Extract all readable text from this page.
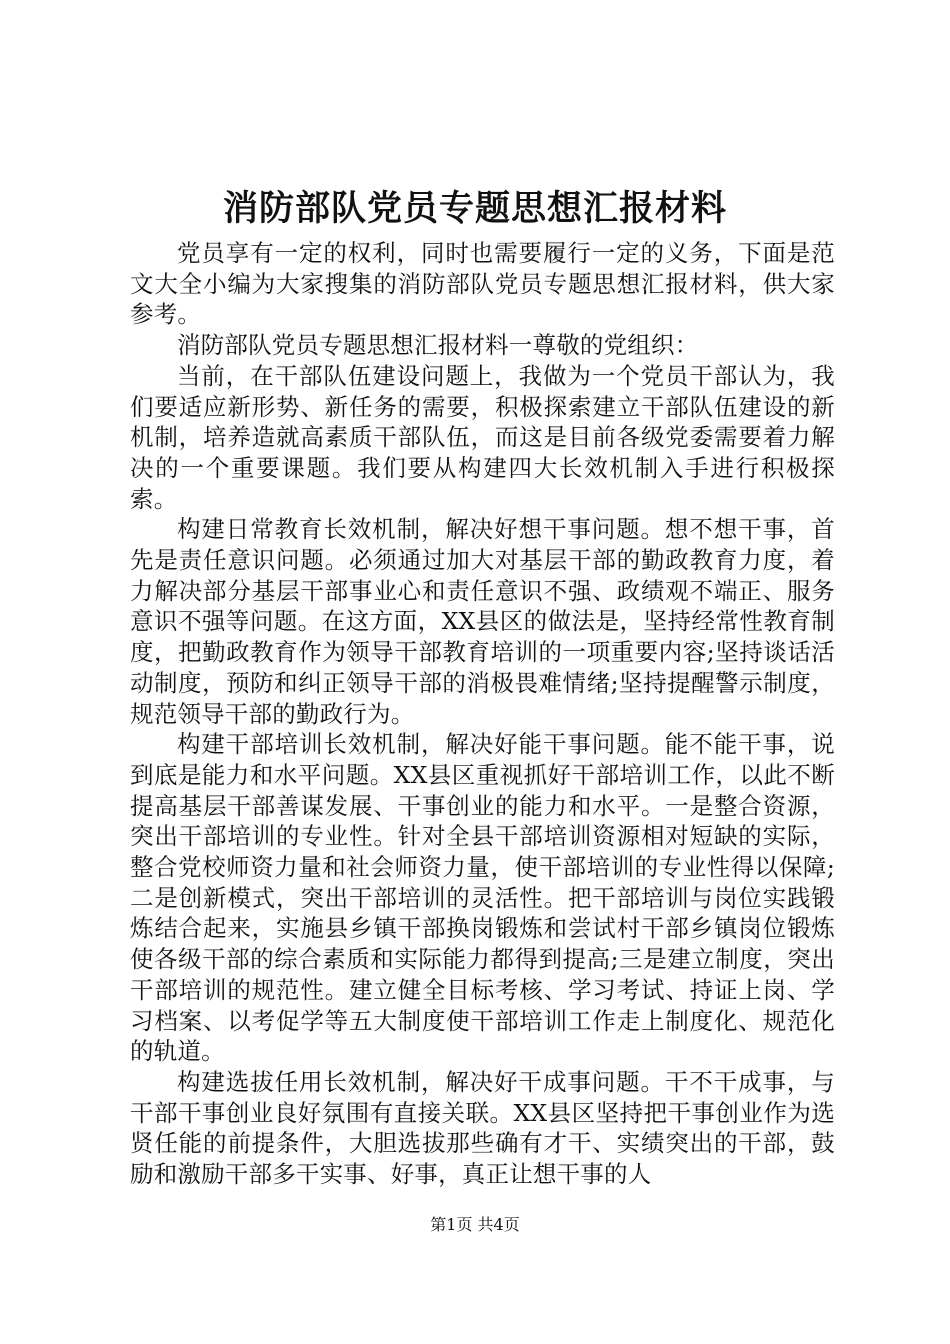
消防部队党员专题思想汇报材料

党员享有一定的权利，同时也需要履行一定的义务，下面是范文大全小编为大家搜集的消防部队党员专题思想汇报材料，供大家参考。

消防部队党员专题思想汇报材料一尊敬的党组织：

当前，在干部队伍建设问题上，我做为一个党员干部认为，我们要适应新形势、新任务的需要，积极探索建立干部队伍建设的新机制，培养造就高素质干部队伍，而这是目前各级党委需要着力解决的一个重要课题。我们要从构建四大长效机制入手进行积极探索。

构建日常教育长效机制，解决好想干事问题。想不想干事，首先是责任意识问题。必须通过加大对基层干部的勤政教育力度，着力解决部分基层干部事业心和责任意识不强、政绩观不端正、服务意识不强等问题。在这方面，XX县区的做法是，坚持经常性教育制度，把勤政教育作为领导干部教育培训的一项重要内容;坚持谈话活动制度，预防和纠正领导干部的消极畏难情绪;坚持提醒警示制度，规范领导干部的勤政行为。

构建干部培训长效机制，解决好能干事问题。能不能干事，说到底是能力和水平问题。XX县区重视抓好干部培训工作，以此不断提高基层干部善谋发展、干事创业的能力和水平。一是整合资源，突出干部培训的专业性。针对全县干部培训资源相对短缺的实际，整合党校师资力量和社会师资力量，使干部培训的专业性得以保障;二是创新模式，突出干部培训的灵活性。把干部培训与岗位实践锻炼结合起来，实施县乡镇干部换岗锻炼和尝试村干部乡镇岗位锻炼使各级干部的综合素质和实际能力都得到提高;三是建立制度，突出干部培训的规范性。建立健全目标考核、学习考试、持证上岗、学习档案、以考促学等五大制度使干部培训工作走上制度化、规范化的轨道。

构建选拔任用长效机制，解决好干成事问题。干不干成事，与干部干事创业良好氛围有直接关联。XX县区坚持把干事创业作为选贤任能的前提条件，大胆选拔那些确有才干、实绩突出的干部，鼓励和激励干部多干实事、好事，真正让想干事的人

第1页 共4页
